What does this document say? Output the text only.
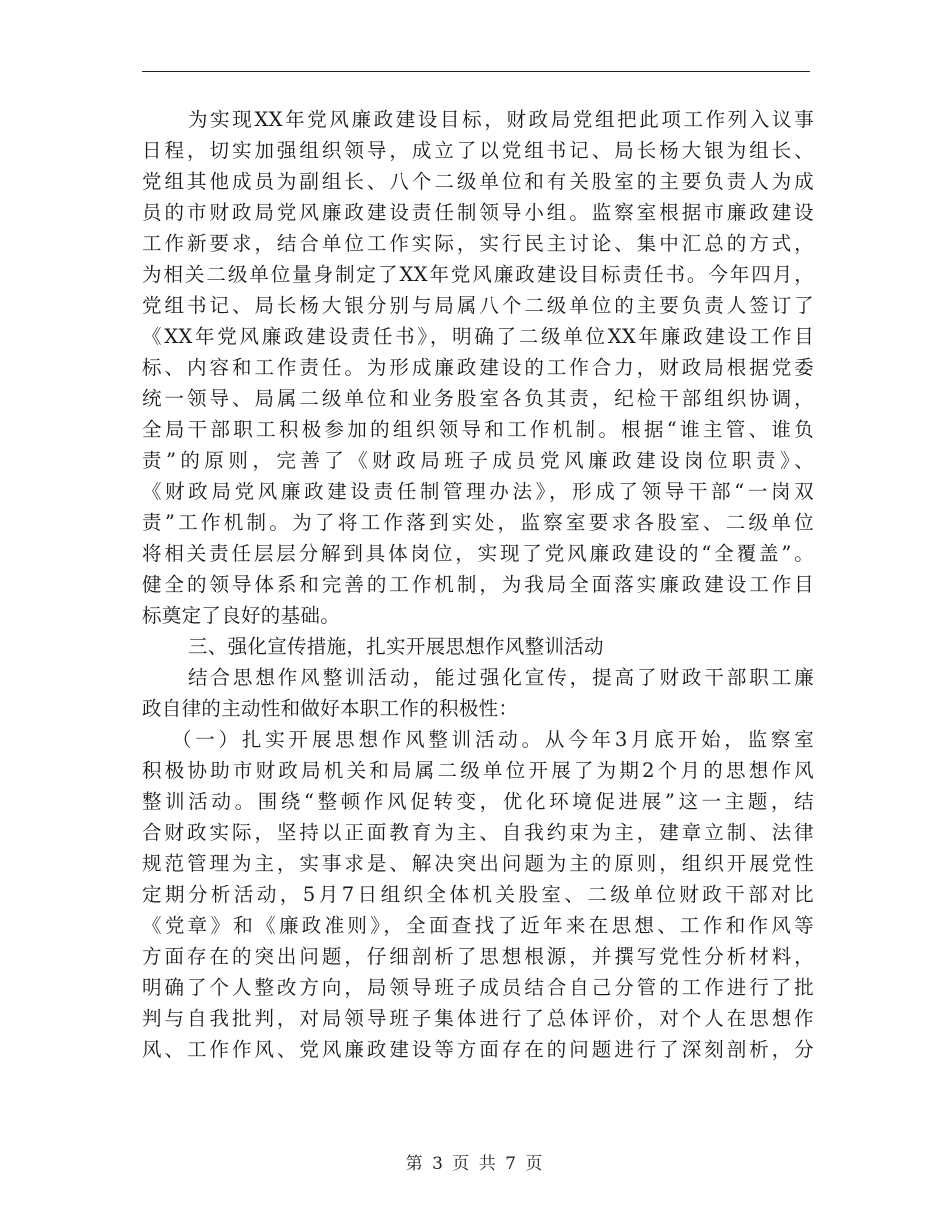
为实现XX年党风廉政建设目标，财政局党组把此项工作列入议事
日程，切实加强组织领导，成立了以党组书记、局长杨大银为组长、
党组其他成员为副组长、八个二级单位和有关股室的主要负责人为成
员的市财政局党风廉政建设责任制领导小组。监察室根据市廉政建设
工作新要求，结合单位工作实际，实行民主讨论、集中汇总的方式，
为相关二级单位量身制定了XX年党风廉政建设目标责任书。今年四月，
党组书记、局长杨大银分别与局属八个二级单位的主要负责人签订了
《XX年党风廉政建设责任书》，明确了二级单位XX年廉政建设工作目
标、内容和工作责任。为形成廉政建设的工作合力，财政局根据党委
统一领导、局属二级单位和业务股室各负其责，纪检干部组织协调，
全局干部职工积极参加的组织领导和工作机制。根据“谁主管、谁负
责”的原则，完善了《财政局班子成员党风廉政建设岗位职责》、
《财政局党风廉政建设责任制管理办法》，形成了领导干部“一岗双
责”工作机制。为了将工作落到实处，监察室要求各股室、二级单位
将相关责任层层分解到具体岗位，实现了党风廉政建设的“全覆盖”。
健全的领导体系和完善的工作机制，为我局全面落实廉政建设工作目
标奠定了良好的基础。
三、强化宣传措施，扎实开展思想作风整训活动
结合思想作风整训活动，能过强化宣传，提高了财政干部职工廉
政自律的主动性和做好本职工作的积极性：
（一）扎实开展思想作风整训活动。从今年3月底开始，监察室
积极协助市财政局机关和局属二级单位开展了为期2个月的思想作风
整训活动。围绕“整顿作风促转变，优化环境促进展”这一主题，结
合财政实际，坚持以正面教育为主、自我约束为主，建章立制、法律
规范管理为主，实事求是、解决突出问题为主的原则，组织开展党性
定期分析活动，5月7日组织全体机关股室、二级单位财政干部对比
《党章》和《廉政准则》，全面查找了近年来在思想、工作和作风等
方面存在的突出问题，仔细剖析了思想根源，并撰写党性分析材料，
明确了个人整改方向，局领导班子成员结合自己分管的工作进行了批
判与自我批判，对局领导班子集体进行了总体评价，对个人在思想作
风、工作作风、党风廉政建设等方面存在的问题进行了深刻剖析，分
第 3 页 共 7 页
